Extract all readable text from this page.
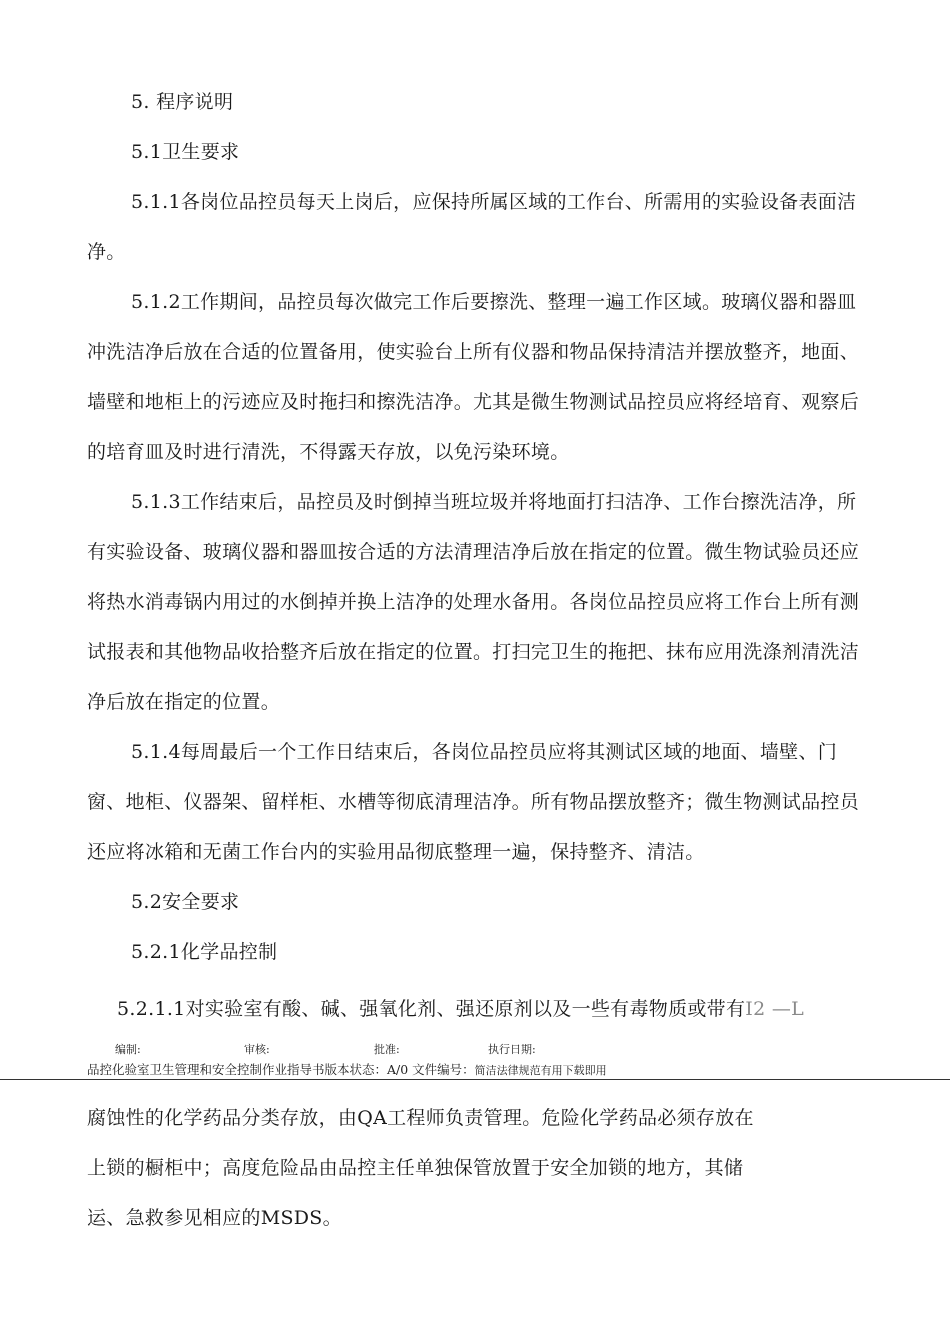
5. 程序说明
5.1卫生要求
5.1.1各岗位品控员每天上岗后，应保持所属区域的工作台、所需用的实验设备表面洁
净。
5.1.2工作期间，品控员每次做完工作后要擦洗、整理一遍工作区域。玻璃仪器和器皿
冲洗洁净后放在合适的位置备用，使实验台上所有仪器和物品保持清洁并摆放整齐，地面、
墙壁和地柜上的污迹应及时拖扫和擦洗洁净。尤其是微生物测试品控员应将经培育、观察后
的培育皿及时进行清洗，不得露天存放，以免污染环境。
5.1.3工作结束后，品控员及时倒掉当班垃圾并将地面打扫洁净、工作台擦洗洁净，所
有实验设备、玻璃仪器和器皿按合适的方法清理洁净后放在指定的位置。微生物试验员还应
将热水消毒锅内用过的水倒掉并换上洁净的处理水备用。各岗位品控员应将工作台上所有测
试报表和其他物品收拾整齐后放在指定的位置。打扫完卫生的拖把、抹布应用洗涤剂清洗洁
净后放在指定的位置。
5.1.4每周最后一个工作日结束后，各岗位品控员应将其测试区域的地面、墙壁、门
窗、地柜、仪器架、留样柜、水槽等彻底清理洁净。所有物品摆放整齐；微生物测试品控员
还应将冰箱和无菌工作台内的实验用品彻底整理一遍，保持整齐、清洁。
5.2安全要求
5.2.1化学品控制
5.2.1.1对实验室有酸、碱、强氧化剂、强还原剂以及一些有毒物质或带有I2 —L
编制:	审核:	批准:	执行日期:
品控化验室卫生管理和安全控制作业指导书版本状态：A/0 文件编号：简洁法律规范有用下载即用
腐蚀性的化学药品分类存放，由QA工程师负责管理。危险化学药品必须存放在
上锁的橱柜中；高度危险品由品控主任单独保管放置于安全加锁的地方，其储
运、急救参见相应的MSDS。
